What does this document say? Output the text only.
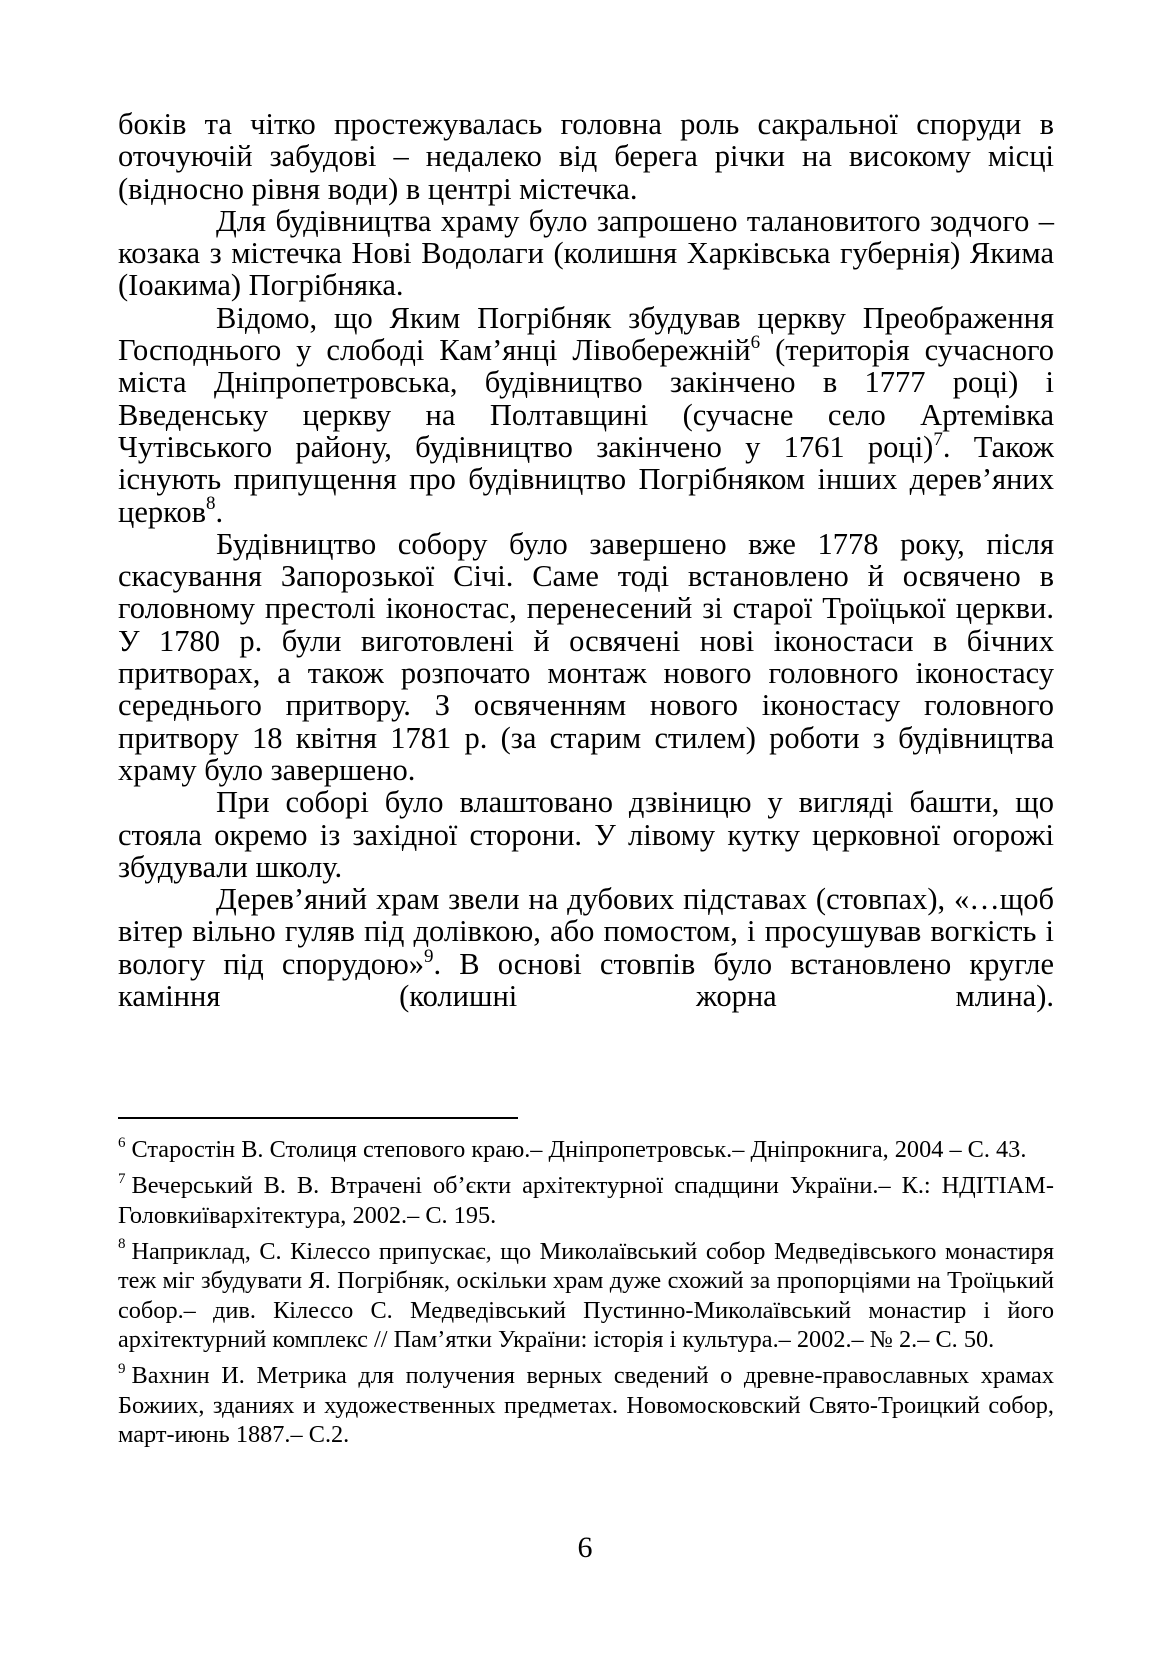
боків та чітко простежувалась головна роль сакральної споруди в оточуючій забудові – недалеко від берега річки на високому місці (відносно рівня води) в центрі містечка.

Для будівництва храму було запрошено талановитого зодчого – козака з містечка Нові Водолаги (колишня Харківська губернія) Якима (Іоакима) Погрібняка.

Відомо, що Яким Погрібняк збудував церкву Преображення Господнього у слободі Кам’янці Лівобережній$^6$ (територія сучасного міста Дніпропетровська, будівництво закінчено в 1777 році) і Введенську церкву на Полтавщині (сучасне село Артемівка Чутівського району, будівництво закінчено у 1761 році)$^7$. Також існують припущення про будівництво Погрібняком інших дерев’яних церков$^8$.

Будівництво собору було завершено вже 1778 року, після скасування Запорозької Січі. Саме тоді встановлено й освячено в головному престолі іконостас, перенесений зі старої Троїцької церкви. У 1780 р. були виготовлені й освячені нові іконостаси в бічних притворах, а також розпочато монтаж нового головного іконостасу середнього притвору. З освяченням нового іконостасу головного притвору 18 квітня 1781 р. (за старим стилем) роботи з будівництва храму було завершено.

При соборі було влаштовано дзвіницю у вигляді башти, що стояла окремо із західної сторони. У лівому кутку церковної огорожі збудували школу.

Дерев’яний храм звели на дубових підставах (стовпах), «…щоб вітер вільно гуляв під долівкою, або помостом, і просушував вогкість і вологу під спорудою»$^9$. В основі стовпів було встановлено кругле каміння (колишні жорна млина).

$^6$ Старостін В. Столиця степового краю.– Дніпропетровськ.– Дніпрокнига, 2004 – С. 43.

$^7$ Вечерський В. В. Втрачені об’єкти архітектурної спадщини України.– К.: НДІТІАМ-Головкиївархітектура, 2002.– С. 195.

$^8$ Наприклад, С. Кілессо припускає, що Миколаївський собор Медведівського монастиря теж міг збудувати Я. Погрібняк, оскільки храм дуже схожий за пропорціями на Троїцький собор.– див. Кілессо С. Медведівський Пустинно-Миколаївський монастир і його архітектурний комплекс // Пам’ятки України: історія і культура.– 2002.– № 2.– С. 50.

$^9$ Вахнин И. Метрика для получения верных сведений о древне-православных храмах Божиих, зданиях и художественных предметах. Новомосковский Свято-Троицкий собор, март-июнь 1887.– С.2.

6
